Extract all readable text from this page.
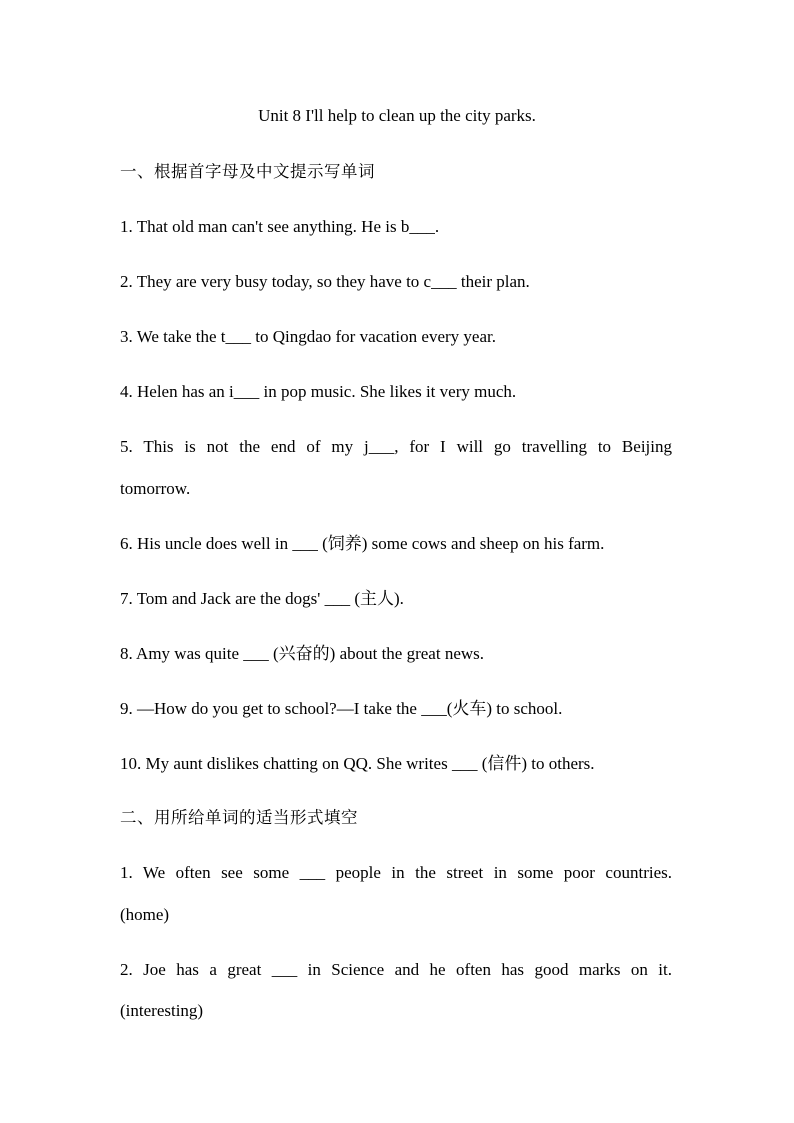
Unit 8 I'll help to clean up the city parks.
一、根据首字母及中文提示写单词
1. That old man can't see anything. He is b___.
2. They are very busy today, so they have to c___ their plan.
3. We take the t___ to Qingdao for vacation every year.
4. Helen has an i___ in pop music. She likes it very much.
5. This is not the end of my j___, for I will go travelling to Beijing
tomorrow.
6. His uncle does well in ___ (饲养) some cows and sheep on his farm.
7. Tom and Jack are the dogs' ___ (主人).
8. Amy was quite ___ (兴奋的) about the great news.
9. —How do you get to school?—I take the ___(火车) to school.
10. My aunt dislikes chatting on QQ. She writes ___ (信件) to others.
二、用所给单词的适当形式填空
1. We often see some ___ people in the street in some poor countries.
(home)
2. Joe has a great ___ in Science and he often has good marks on it.
(interesting)
